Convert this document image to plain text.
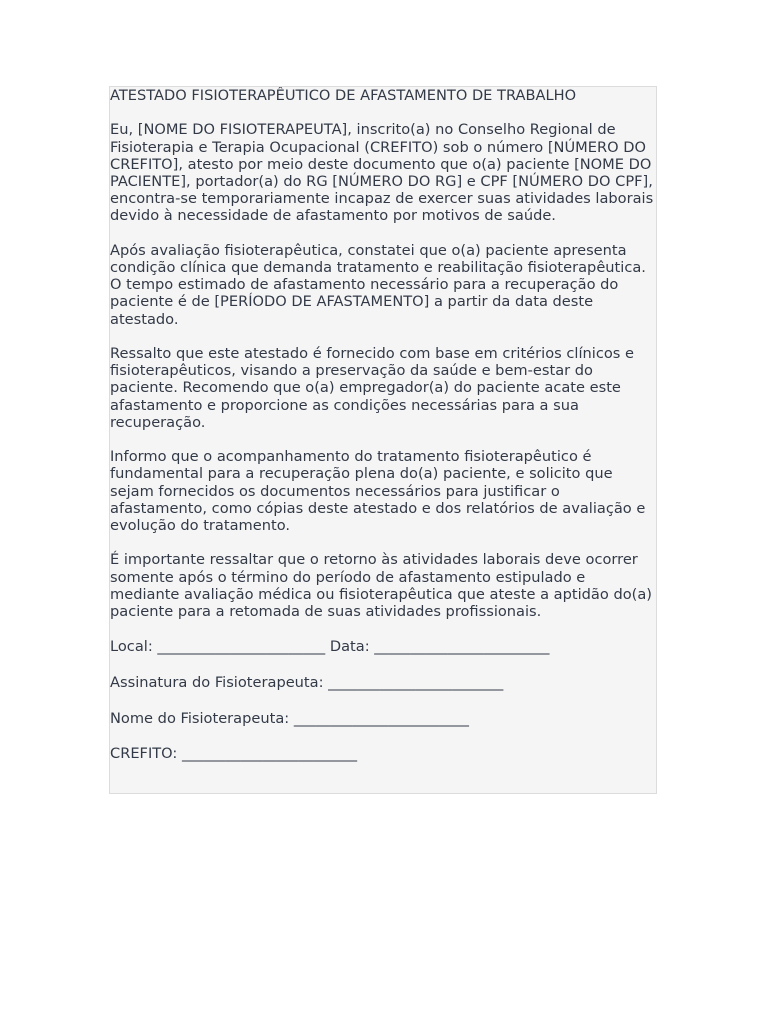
ATESTADO FISIOTERAPÊUTICO DE AFASTAMENTO DE TRABALHO

Eu, [NOME DO FISIOTERAPEUTA], inscrito(a) no Conselho Regional de Fisioterapia e Terapia Ocupacional (CREFITO) sob o número [NÚMERO DO CREFITO], atesto por meio deste documento que o(a) paciente [NOME DO PACIENTE], portador(a) do RG [NÚMERO DO RG] e CPF [NÚMERO DO CPF], encontra-se temporariamente incapaz de exercer suas atividades laborais devido à necessidade de afastamento por motivos de saúde.

Após avaliação fisioterapêutica, constatei que o(a) paciente apresenta condição clínica que demanda tratamento e reabilitação fisioterapêutica. O tempo estimado de afastamento necessário para a recuperação do paciente é de [PERÍODO DE AFASTAMENTO] a partir da data deste atestado.

Ressalto que este atestado é fornecido com base em critérios clínicos e fisioterapêuticos, visando a preservação da saúde e bem-estar do paciente. Recomendo que o(a) empregador(a) do paciente acate este afastamento e proporcione as condições necessárias para a sua recuperação.

Informo que o acompanhamento do tratamento fisioterapêutico é fundamental para a recuperação plena do(a) paciente, e solicito que sejam fornecidos os documentos necessários para justificar o afastamento, como cópias deste atestado e dos relatórios de avaliação e evolução do tratamento.

É importante ressaltar que o retorno às atividades laborais deve ocorrer somente após o término do período de afastamento estipulado e mediante avaliação médica ou fisioterapêutica que ateste a aptidão do(a) paciente para a retomada de suas atividades profissionais.

Local: _______________________ Data: ________________________

Assinatura do Fisioterapeuta: ________________________

Nome do Fisioterapeuta: ________________________

CREFITO: ________________________
